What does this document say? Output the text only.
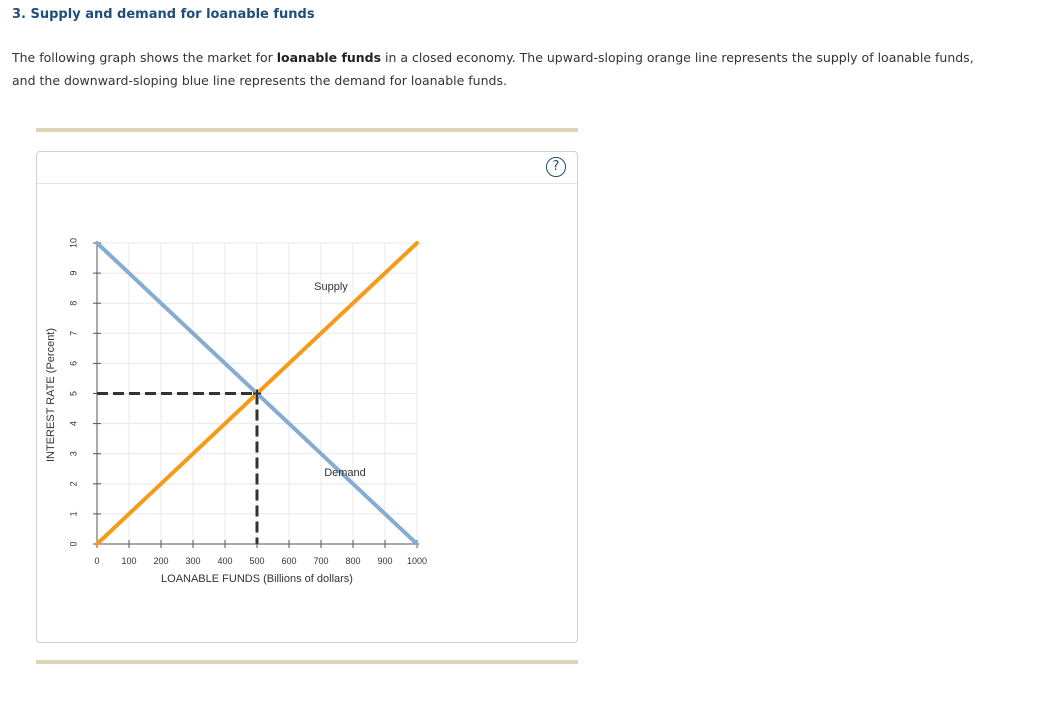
3. Supply and demand for loanable funds
The following graph shows the market for loanable funds in a closed economy. The upward-sloping orange line represents the supply of loanable funds, and the downward-sloping blue line represents the demand for loanable funds.
?
0 100 200 300 400 500 600 700 800 900 1000
0
1
2
3
4
5
6
7
8
9
10
Supply
Demand
LOANABLE FUNDS (Billions of dollars)
INTEREST RATE (Percent)
